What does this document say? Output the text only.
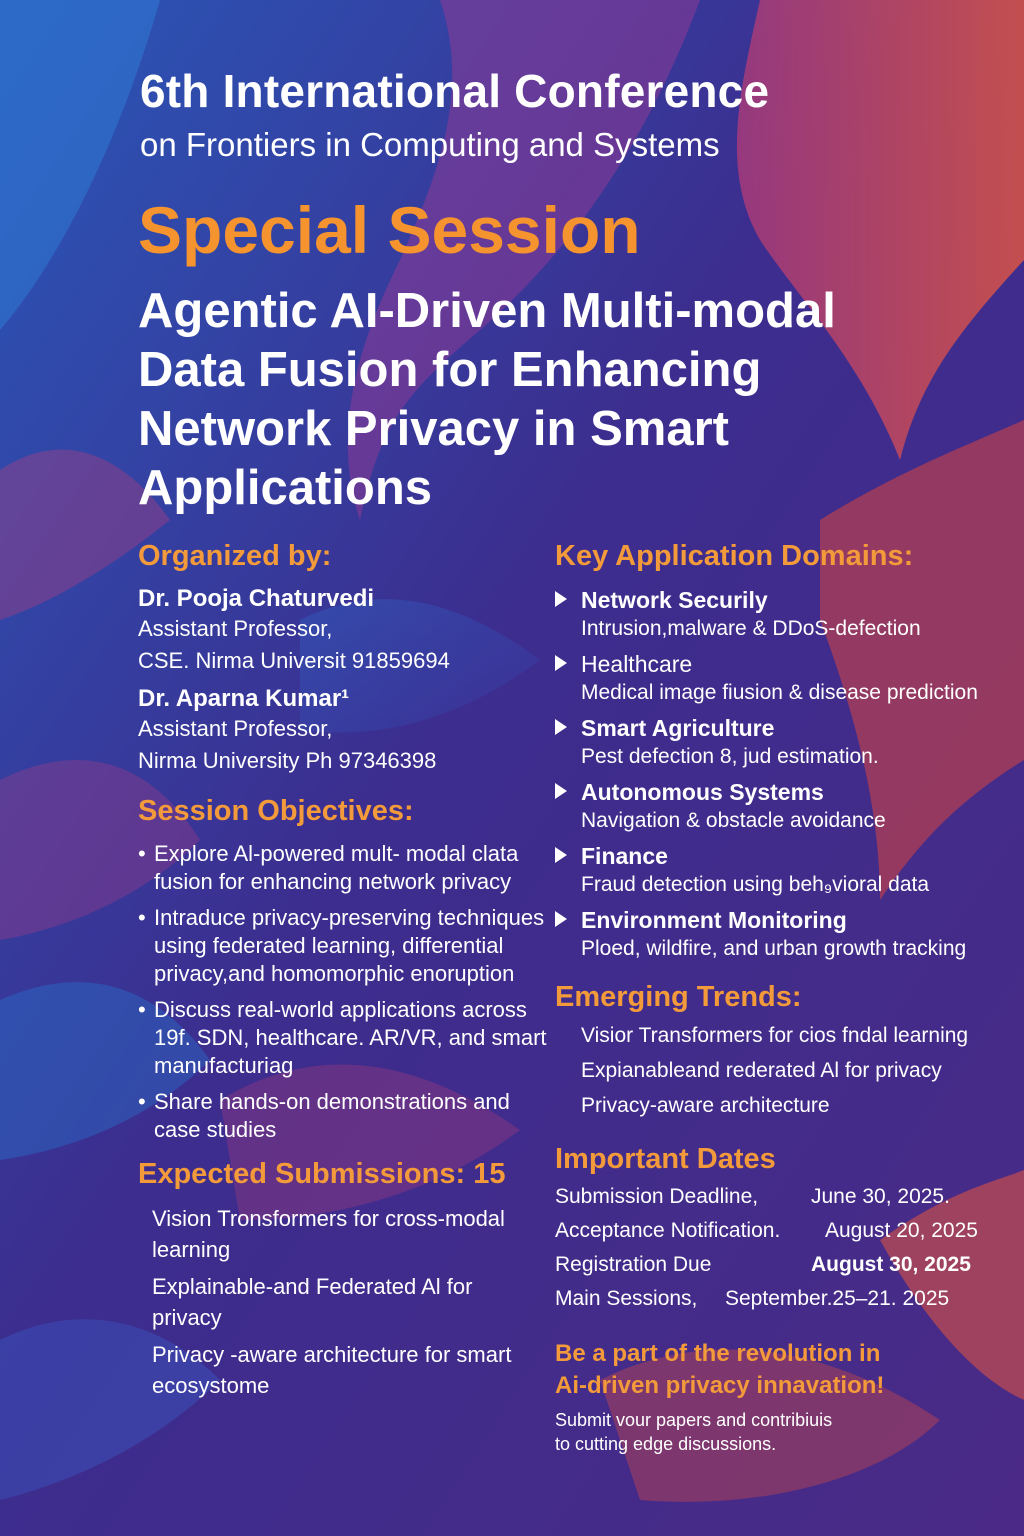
6th International Conference
on Frontiers in Computing and Systems
Special Session
Agentic AI-Driven Multi-modal Data Fusion for Enhancing Network Privacy in Smart Applications
Organized by:
Dr. Pooja Chaturvedi
Assistant Professor,
CSE. Nirma Universit 91859694
Dr. Aparna Kumar¹
Assistant Professor,
Nirma University Ph 97346398
Session Objectives:
• Explore Al-powered mult- modal clata fusion for enhancing network privacy
• Intraduce privacy-preserving techniques using federated learning, differential privacy,and homomorphic enoruption
• Discuss real-world applications across 19f. SDN, healthcare. AR/VR, and smart manufacturiag
• Share hands-on demonstrations and case studies
Expected Submissions: 15
Vision Tronsformers for cross-modal learning
Explainable-and Federated Al for privacy
Privacy -aware architecture for smart ecosystome
Key Application Domains:
Network Securily
Intrusion,malware & DDoS-defection
Healthcare
Medical image fiusion & disease prediction
Smart Agriculture
Pest defection 8, jud estimation.
Autonomous Systems
Navigation & obstacle avoidance
Finance
Fraud detection using beh₉vioral data
Environment Monitoring
Ploed, wildfire, and urban growth tracking
Emerging Trends:
Visior Transformers for cios fndal learning
Expianableand rederated Al for privacy
Privacy-aware architecture
Important Dates
Submission Deadline,	June 30, 2025.
Acceptance Notification. August 20, 2025
Registration Due	August 30, 2025
Main Sessions, September.25–21. 2025
Be a part of the revolution in
Ai-driven privacy innavation!
Submit vour papers and contribiuis
to cutting edge discussions.
